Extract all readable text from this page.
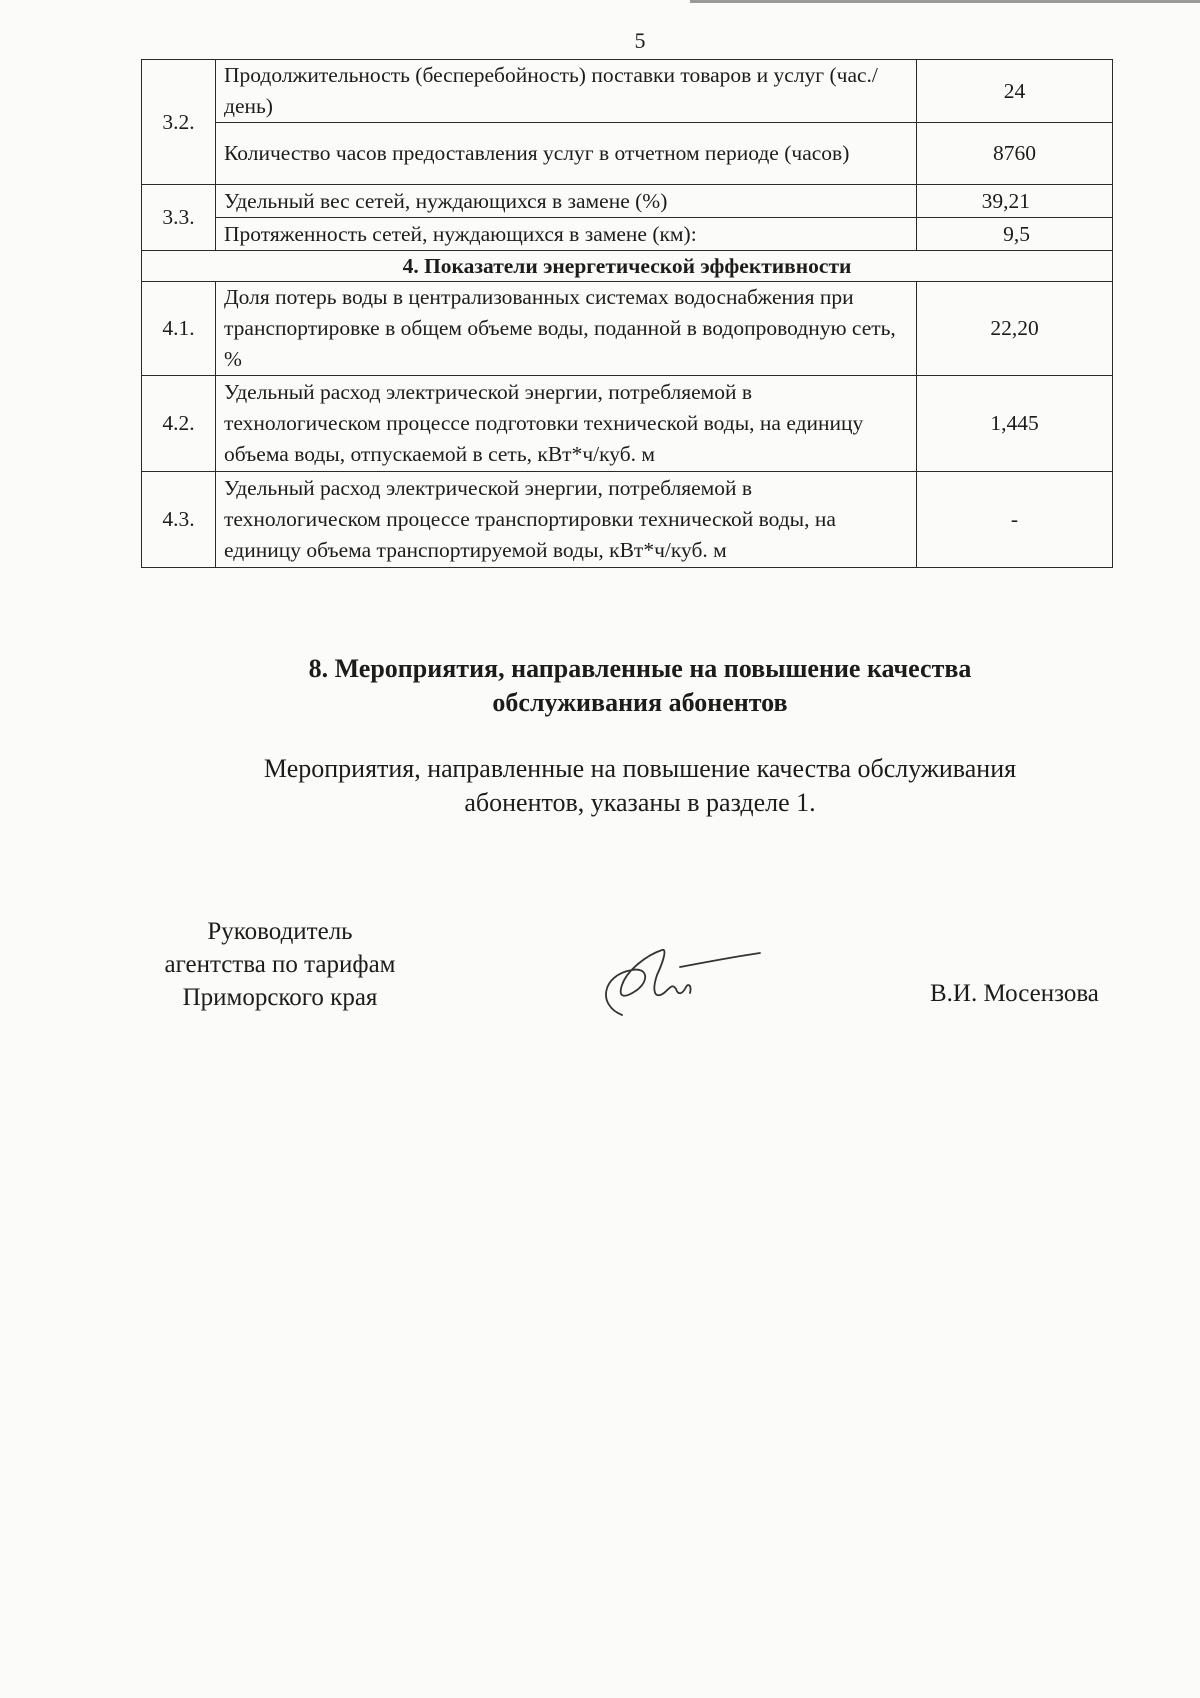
5
3.2.	Продолжительность (бесперебойность) поставки товаров и услуг (час./день)	24
	Количество часов предоставления услуг в отчетном периоде (часов)	8760
3.3.	Удельный вес сетей, нуждающихся в замене (%)	39,21
	Протяженность сетей, нуждающихся в замене (км):	9,5
4. Показатели энергетической эффективности		
4.1.	Доля потерь воды в централизованных системах водоснабжения при транспортировке в общем объеме воды, поданной в водопроводную сеть, %	22,20
4.2.	Удельный расход электрической энергии, потребляемой в технологическом процессе подготовки технической воды, на единицу объема воды, отпускаемой в сеть, кВт*ч/куб. м	1,445
4.3.	Удельный расход электрической энергии, потребляемой в технологическом процессе транспортировки технической воды, на единицу объема транспортируемой воды, кВт*ч/куб. м	-
8. Мероприятия, направленные на повышение качества
обслуживания абонентов
Мероприятия, направленные на повышение качества обслуживания
абонентов, указаны в разделе 1.
Руководитель
агентства по тарифам
Приморского края	В.И. Мосензова
